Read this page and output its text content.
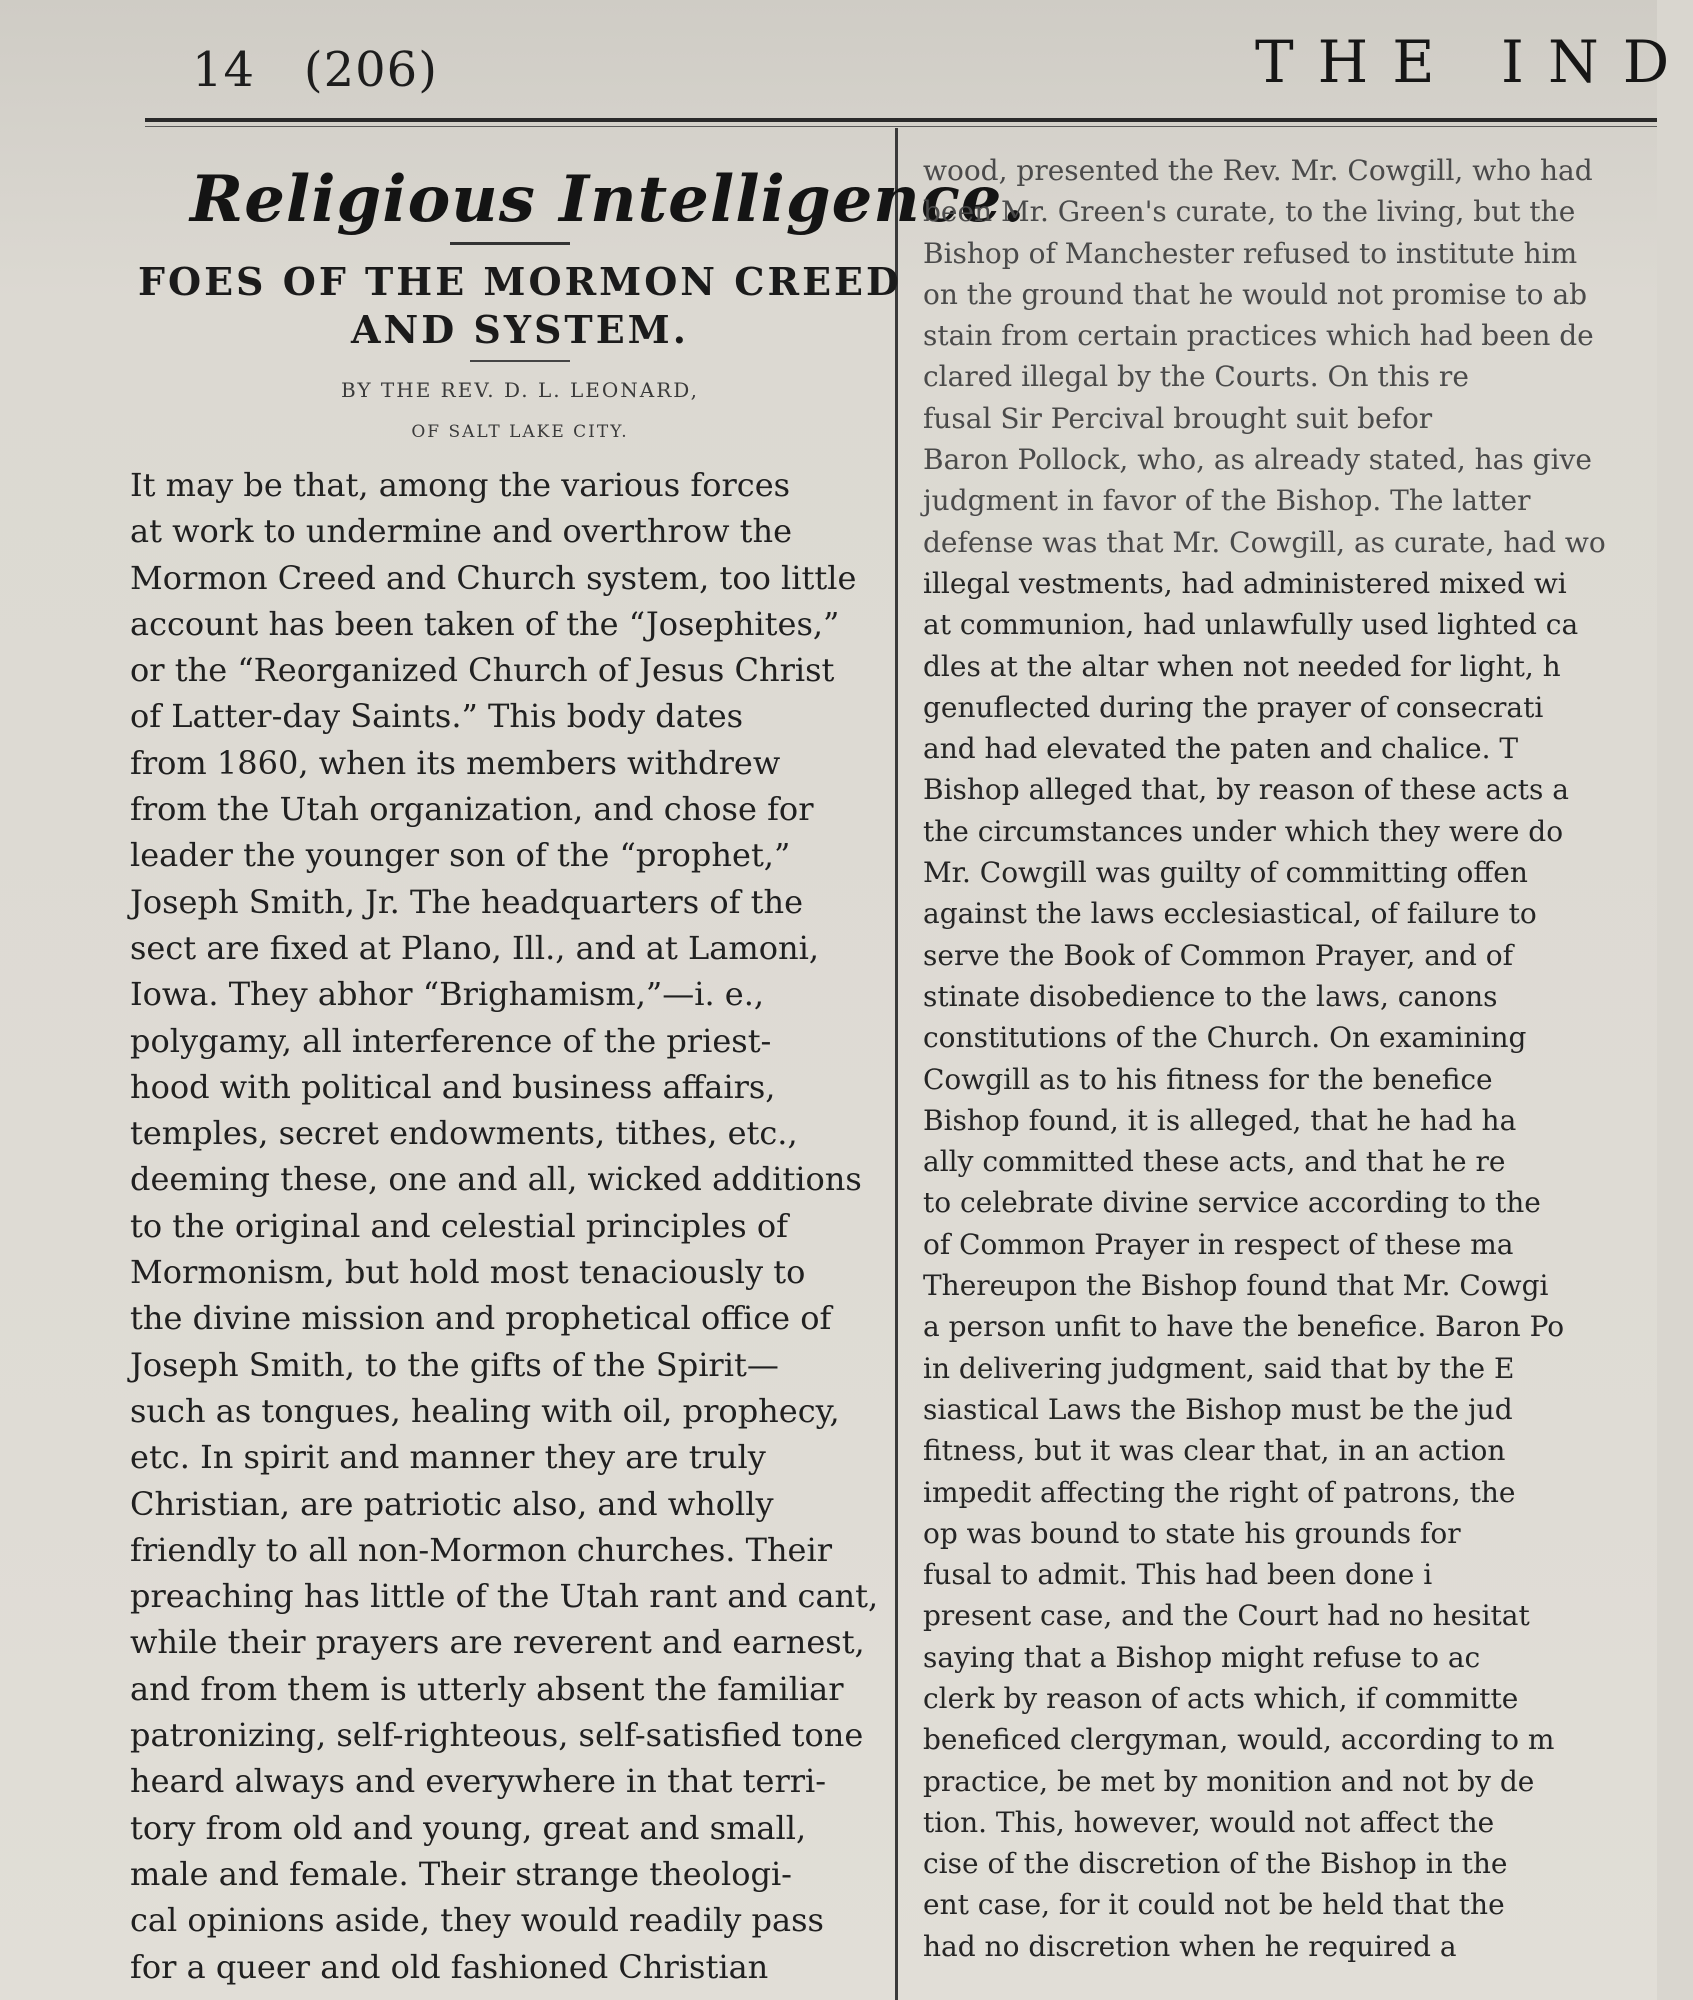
14 (206)	THE IND
Religious Intelligence.
FOES OF THE MORMON CREED
AND SYSTEM.
BY THE REV. D. L. LEONARD,
OF SALT LAKE CITY.
It may be that, among the various forces
at work to undermine and overthrow the
Mormon Creed and Church system, too little
account has been taken of the “Josephites,”
or the “Reorganized Church of Jesus Christ
of Latter-day Saints.” This body dates
from 1860, when its members withdrew
from the Utah organization, and chose for
leader the younger son of the “prophet,”
Joseph Smith, Jr. The headquarters of the
sect are fixed at Plano, Ill., and at Lamoni,
Iowa. They abhor “Brighamism,”—i. e.,
polygamy, all interference of the priest-
hood with political and business affairs,
temples, secret endowments, tithes, etc.,
deeming these, one and all, wicked additions
to the original and celestial principles of
Mormonism, but hold most tenaciously to
the divine mission and prophetical office of
Joseph Smith, to the gifts of the Spirit—
such as tongues, healing with oil, prophecy,
etc. In spirit and manner they are truly
Christian, are patriotic also, and wholly
friendly to all non-Mormon churches. Their
preaching has little of the Utah rant and cant,
while their prayers are reverent and earnest,
and from them is utterly absent the familiar
patronizing, self-righteous, self-satisfied tone
heard always and everywhere in that terri-
tory from old and young, great and small,
male and female. Their strange theologi-
cal opinions aside, they would readily pass
for a queer and old fashioned Christian
wood, presented the Rev. Mr. Cowgill, who had
been Mr. Green's curate, to the living, but the
Bishop of Manchester refused to institute him
on the ground that he would not promise to ab
stain from certain practices which had been de
clared illegal by the Courts. On this re
fusal Sir Percival brought suit befor
Baron Pollock, who, as already stated, has give
judgment in favor of the Bishop. The latter
defense was that Mr. Cowgill, as curate, had wo
illegal vestments, had administered mixed wi
at communion, had unlawfully used lighted ca
dles at the altar when not needed for light, h
genuflected during the prayer of consecrati
and had elevated the paten and chalice. T
Bishop alleged that, by reason of these acts a
the circumstances under which they were do
Mr. Cowgill was guilty of committing offen
against the laws ecclesiastical, of failure to
serve the Book of Common Prayer, and of
stinate disobedience to the laws, canons
constitutions of the Church. On examining
Cowgill as to his fitness for the benefice
Bishop found, it is alleged, that he had ha
ally committed these acts, and that he re
to celebrate divine service according to the
of Common Prayer in respect of these ma
Thereupon the Bishop found that Mr. Cowgi
a person unfit to have the benefice. Baron Po
in delivering judgment, said that by the E
siastical Laws the Bishop must be the jud
fitness, but it was clear that, in an action
impedit affecting the right of patrons, the
op was bound to state his grounds for
fusal to admit. This had been done i
present case, and the Court had no hesitat
saying that a Bishop might refuse to ac
clerk by reason of acts which, if committe
beneficed clergyman, would, according to m
practice, be met by monition and not by de
tion. This, however, would not affect the
cise of the discretion of the Bishop in the
ent case, for it could not be held that the
had no discretion when he required a
